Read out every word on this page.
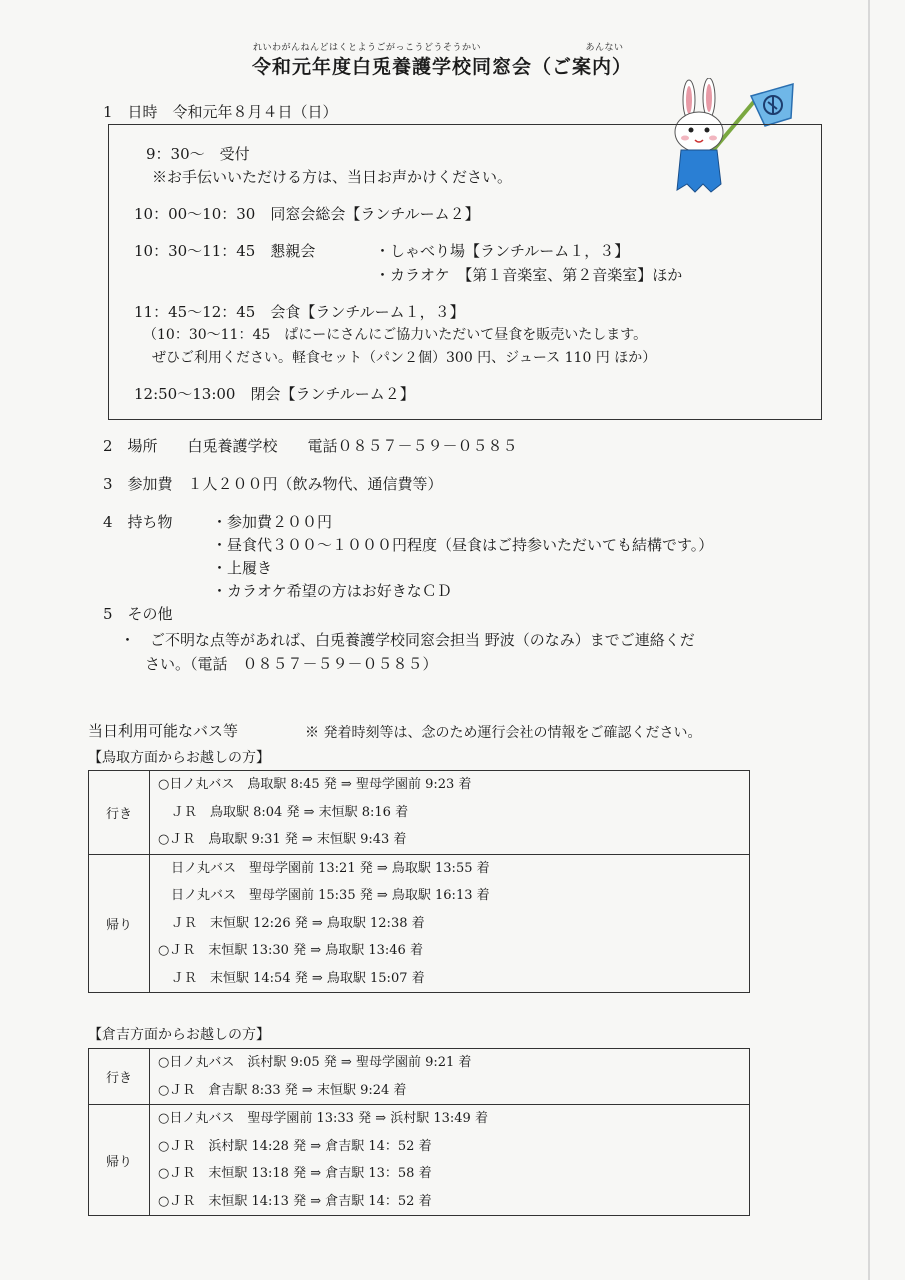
れいわがんねんどはくとようごがっこうどうそうかい　　　　　　　　　　　あんない
令和元年度白兎養護学校同窓会（ご案内）
1　日時　令和元年８月４日（日）
9：30〜　受付
※お手伝いいただける方は、当日お声かけください。
10：00〜10：30　同窓会総会【ランチルーム２】
10：30〜11：45　懇親会	・しゃべり場【ランチルーム１，３】
・カラオケ　【第１音楽室、第２音楽室】ほか
11：45〜12：45　会食【ランチルーム１，３】
（10：30〜11：45　ぱにーにさんにご協力いただいて昼食を販売いたします。
ぜひご利用ください。軽食セット（パン２個）300 円、ジュース 110 円 ほか）
12:50〜13:00　閉会【ランチルーム２】
2　場所　　白兎養護学校　　電話０８５７－５９－０５８５
3　参加費　１人２００円（飲み物代、通信費等）
4　持ち物	・参加費２００円
・昼食代３００〜１０００円程度（昼食はご持参いただいても結構です。）
・上履き
・カラオケ希望の方はお好きなＣＤ
5　その他
・　ご不明な点等があれば、白兎養護学校同窓会担当 野波（のなみ）までご連絡くだ
さい。（電話　０８５７－５９－０５８５）
当日利用可能なバス等	※ 発着時刻等は、念のため運行会社の情報をご確認ください。
【鳥取方面からお越しの方】
行き	○日ノ丸バス　鳥取駅 8:45 発 ⇒ 聖母学園前 9:23 着
　ＪＲ　鳥取駅 8:04 発 ⇒ 末恒駅 8:16 着
○ＪＲ　鳥取駅 9:31 発 ⇒ 末恒駅 9:43 着

帰り	　日ノ丸バス　聖母学園前 13:21 発 ⇒ 鳥取駅 13:55 着
　日ノ丸バス　聖母学園前 15:35 発 ⇒ 鳥取駅 16:13 着
　ＪＲ　末恒駅 12:26 発 ⇒ 鳥取駅 12:38 着
○ＪＲ　末恒駅 13:30 発 ⇒ 鳥取駅 13:46 着
　ＪＲ　末恒駅 14:54 発 ⇒ 鳥取駅 15:07 着
【倉吉方面からお越しの方】
行き	○日ノ丸バス　浜村駅 9:05 発 ⇒ 聖母学園前 9:21 着
○ＪＲ　倉吉駅 8:33 発 ⇒ 末恒駅 9:24 着

帰り	○日ノ丸バス　聖母学園前 13:33 発 ⇒ 浜村駅 13:49 着
○ＪＲ　浜村駅 14:28 発 ⇒ 倉吉駅 14：52 着
○ＪＲ　末恒駅 13:18 発 ⇒ 倉吉駅 13：58 着
○ＪＲ　末恒駅 14:13 発 ⇒ 倉吉駅 14：52 着
